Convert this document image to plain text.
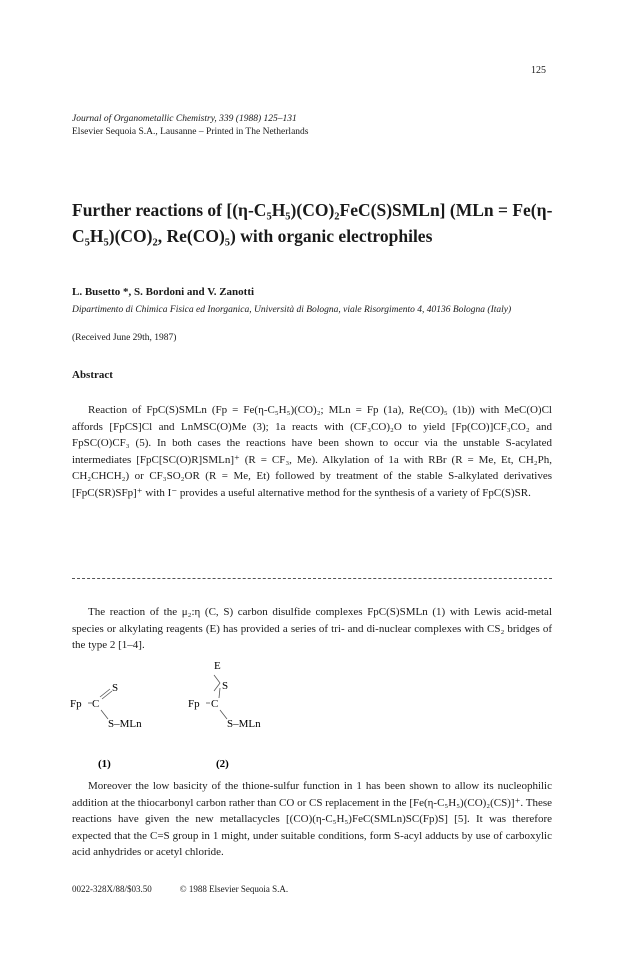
125
Journal of Organometallic Chemistry, 339 (1988) 125–131
Elsevier Sequoia S.A., Lausanne – Printed in The Netherlands
Further reactions of [(η-C₅H₅)(CO)₂FeC(S)SMLn] (MLn = Fe(η-C₅H₅)(CO)₂, Re(CO)₅) with organic electrophiles
L. Busetto *, S. Bordoni and V. Zanotti
Dipartimento di Chimica Fisica ed Inorganica, Università di Bologna, viale Risorgimento 4, 40136 Bologna (Italy)
(Received June 29th, 1987)
Abstract

Reaction of FpC(S)SMLn (Fp = Fe(η-C₅H₅)(CO)₂; MLn = Fp (1a), Re(CO)₅ (1b)) with MeC(O)Cl affords [FpCS]Cl and LnMSC(O)Me (3); 1a reacts with (CF₃CO)₂O to yield [Fp(CO)]CF₃CO₂ and FpSC(O)CF₃ (5). In both cases the reactions have been shown to occur via the unstable S-acylated intermediates [FpC[SC(O)R]SMLn]⁺ (R = CF₃, Me). Alkylation of 1a with RBr (R = Me, Et, CH₂Ph, CH₂CHCH₂) or CF₃SO₂OR (R = Me, Et) followed by treatment of the stable S-alkylated derivatives [FpC(SR)SFp]⁺ with I⁻ provides a useful alternative method for the synthesis of a variety of FpC(S)SR.

The reaction of the μ₂:η (C, S) carbon disulfide complexes FpC(S)SMLn (1) with Lewis acid-metal species or alkylating reagents (E) has provided a series of tri- and di-nuclear complexes with CS₂ bridges of the type 2 [1–4].

Fp C
S
S–MLn
(1)
E
S
Fp C
S–MLn
(2)

Moreover the low basicity of the thione-sulfur function in 1 has been shown to allow its nucleophilic addition at the thiocarbonyl carbon rather than CO or CS replacement in the [Fe(η-C₅H₅)(CO)₂(CS)]⁺. These reactions have given the new metallacycles [(CO)(η-C₅H₅)FeC(SMLn)SC(Fp)S] [5]. It was therefore expected that the C=S group in 1 might, under suitable conditions, form S-acyl adducts by use of carboxylic acid anhydrides or acetyl chloride.

0022-328X/88/$03.50	© 1988 Elsevier Sequoia S.A.
